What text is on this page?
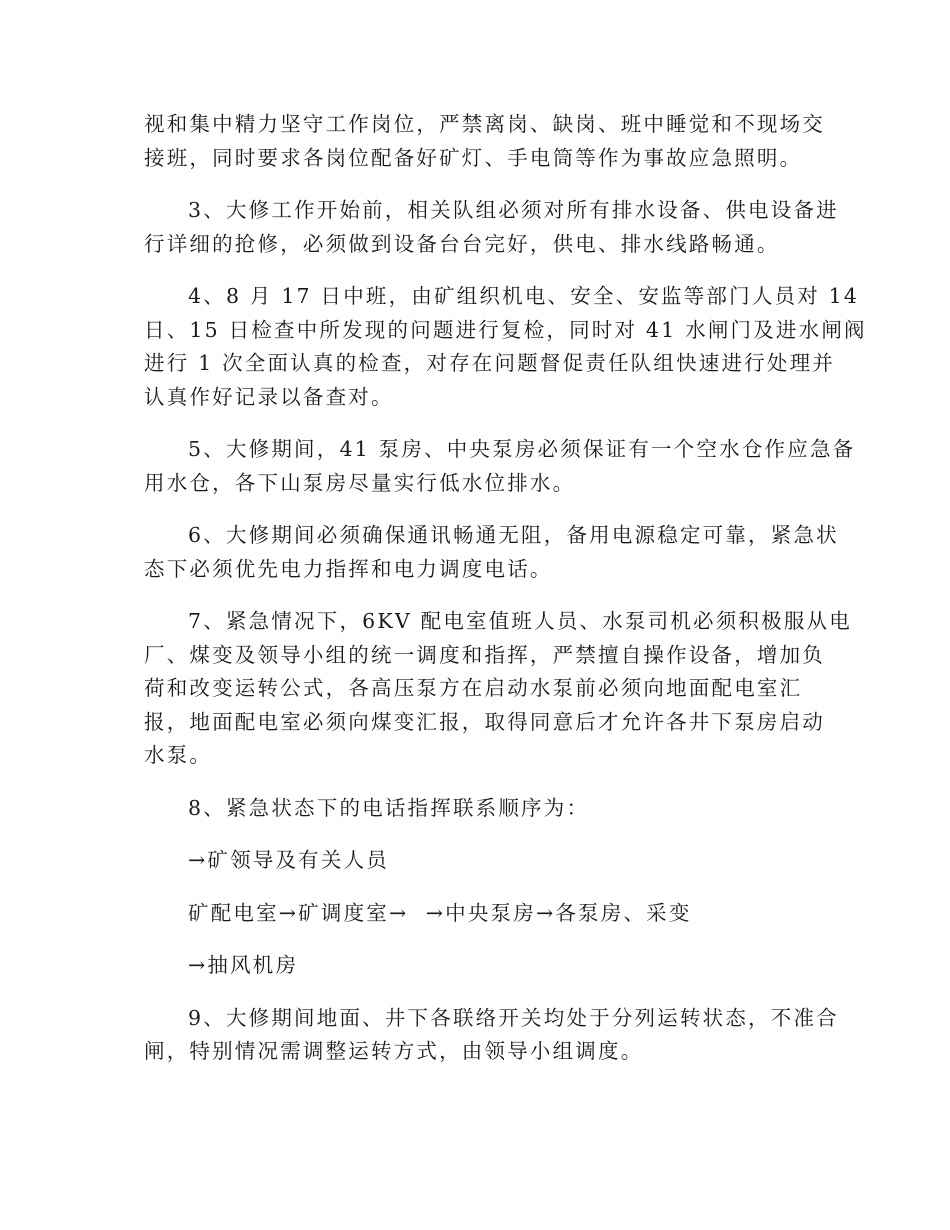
视和集中精力坚守工作岗位，严禁离岗、缺岗、班中睡觉和不现场交
接班，同时要求各岗位配备好矿灯、手电筒等作为事故应急照明。
3、大修工作开始前，相关队组必须对所有排水设备、供电设备进
行详细的抢修，必须做到设备台台完好，供电、排水线路畅通。
4、8 月 17 日中班，由矿组织机电、安全、安监等部门人员对 14
日、15 日检查中所发现的问题进行复检，同时对 41 水闸门及进水闸阀
进行 1 次全面认真的检查，对存在问题督促责任队组快速进行处理并
认真作好记录以备查对。
5、大修期间，41 泵房、中央泵房必须保证有一个空水仓作应急备
用水仓，各下山泵房尽量实行低水位排水。
6、大修期间必须确保通讯畅通无阻，备用电源稳定可靠，紧急状
态下必须优先电力指挥和电力调度电话。
7、紧急情况下，6KV 配电室值班人员、水泵司机必须积极服从电
厂、煤变及领导小组的统一调度和指挥，严禁擅自操作设备，增加负
荷和改变运转公式，各高压泵方在启动水泵前必须向地面配电室汇
报，地面配电室必须向煤变汇报，取得同意后才允许各井下泵房启动
水泵。
8、紧急状态下的电话指挥联系顺序为：
→矿领导及有关人员
矿配电室→矿调度室→  →中央泵房→各泵房、采变
→抽风机房
9、大修期间地面、井下各联络开关均处于分列运转状态，不准合
闸，特别情况需调整运转方式，由领导小组调度。
